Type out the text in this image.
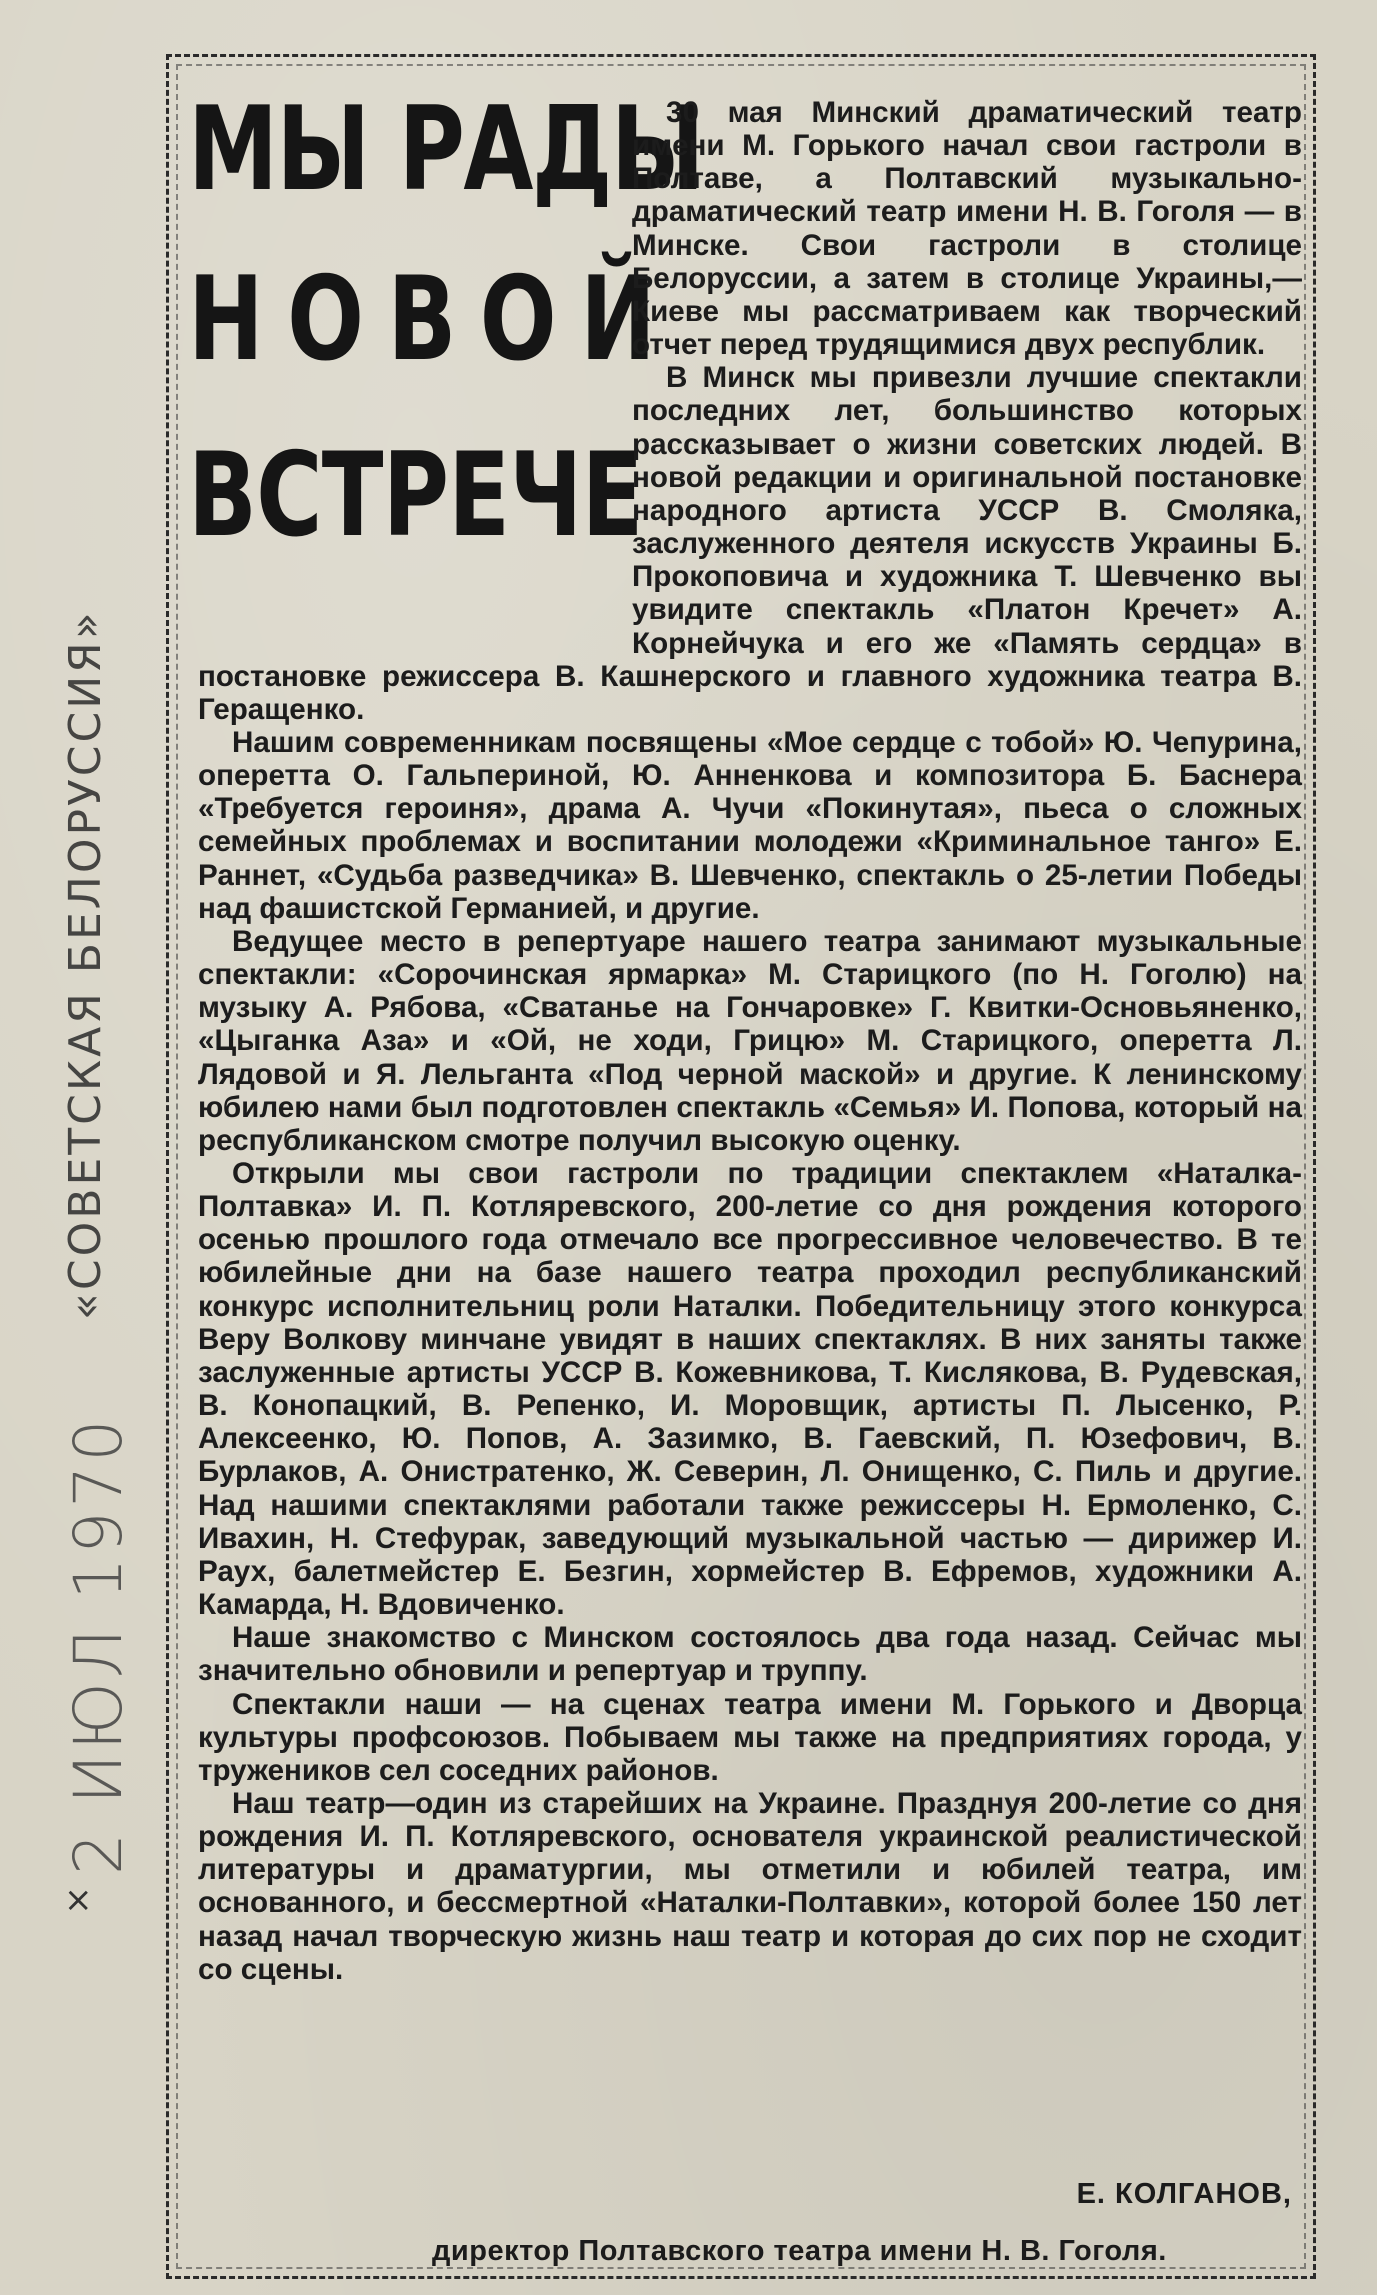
«СОВЕТСКАЯ БЕЛОРУССИЯ»
×
2 ИЮЛ 1970
МЫ РАДЫ
НОВОЙ
ВСТРЕЧЕ

30 мая Минский драматический театр имени М. Горького начал свои гастроли в Полтаве, а Полтавский музыкально-драматический театр имени Н. В. Гоголя — в Минске. Свои гастроли в столице Белоруссии, а затем в столице Украины,—Киеве мы рассматриваем как творческий отчет перед трудящимися двух республик.

В Минск мы привезли лучшие спектакли последних лет, большинство которых рассказывает о жизни советских людей. В новой редакции и оригинальной постановке народного артиста УССР В. Смоляка, заслуженного деятеля искусств Украины Б. Прокоповича и художника Т. Шевченко вы увидите спектакль «Платон Кречет» А. Корнейчука и его же «Память сердца» в постановке режиссера В. Кашнерского и главного художника театра В. Геращенко.

Нашим современникам посвящены «Мое сердце с тобой» Ю. Чепурина, оперетта О. Гальпериной, Ю. Анненкова и композитора Б. Баснера «Требуется героиня», драма А. Чучи «Покинутая», пьеса о сложных семейных проблемах и воспитании молодежи «Криминальное танго» Е. Раннет, «Судьба разведчика» В. Шевченко, спектакль о 25-летии Победы над фашистской Германией, и другие.

Ведущее место в репертуаре нашего театра занимают музыкальные спектакли: «Сорочинская ярмарка» М. Старицкого (по Н. Гоголю) на музыку А. Рябова, «Сватанье на Гончаровке» Г. Квитки-Основьяненко, «Цыганка Аза» и «Ой, не ходи, Грицю» М. Старицкого, оперетта Л. Лядовой и Я. Лельганта «Под черной маской» и другие. К ленинскому юбилею нами был подготовлен спектакль «Семья» И. Попова, который на республиканском смотре получил высокую оценку.

Открыли мы свои гастроли по традиции спектаклем «Наталка-Полтавка» И. П. Котляревского, 200-летие со дня рождения которого осенью прошлого года отмечало все прогрессивное человечество. В те юбилейные дни на базе нашего театра проходил республиканский конкурс исполнительниц роли Наталки. Победительницу этого конкурса Веру Волкову минчане увидят в наших спектаклях. В них заняты также заслуженные артисты УССР В. Кожевникова, Т. Кислякова, В. Рудевская, В. Конопацкий, В. Репенко, И. Моровщик, артисты П. Лысенко, Р. Алексеенко, Ю. Попов, А. Зазимко, В. Гаевский, П. Юзефович, В. Бурлаков, А. Онистратенко, Ж. Северин, Л. Онищенко, С. Пиль и другие. Над нашими спектаклями работали также режиссеры Н. Ермоленко, С. Ивахин, Н. Стефурак, заведующий музыкальной частью — дирижер И. Раух, балетмейстер Е. Безгин, хормейстер В. Ефремов, художники А. Камарда, Н. Вдовиченко.

Наше знакомство с Минском состоялось два года назад. Сейчас мы значительно обновили и репертуар и труппу.

Спектакли наши — на сценах театра имени М. Горького и Дворца культуры профсоюзов. Побываем мы также на предприятиях города, у тружеников сел соседних районов.

Наш театр—один из старейших на Украине. Празднуя 200-летие со дня рождения И. П. Котляревского, основателя украинской реалистической литературы и драматургии, мы отметили и юбилей театра, им основанного, и бессмертной «Наталки-Полтавки», которой более 150 лет назад начал творческую жизнь наш театр и которая до сих пор не сходит со сцены.

Е. КОЛГАНОВ,
директор Полтавского театра имени Н. В. Гоголя.
